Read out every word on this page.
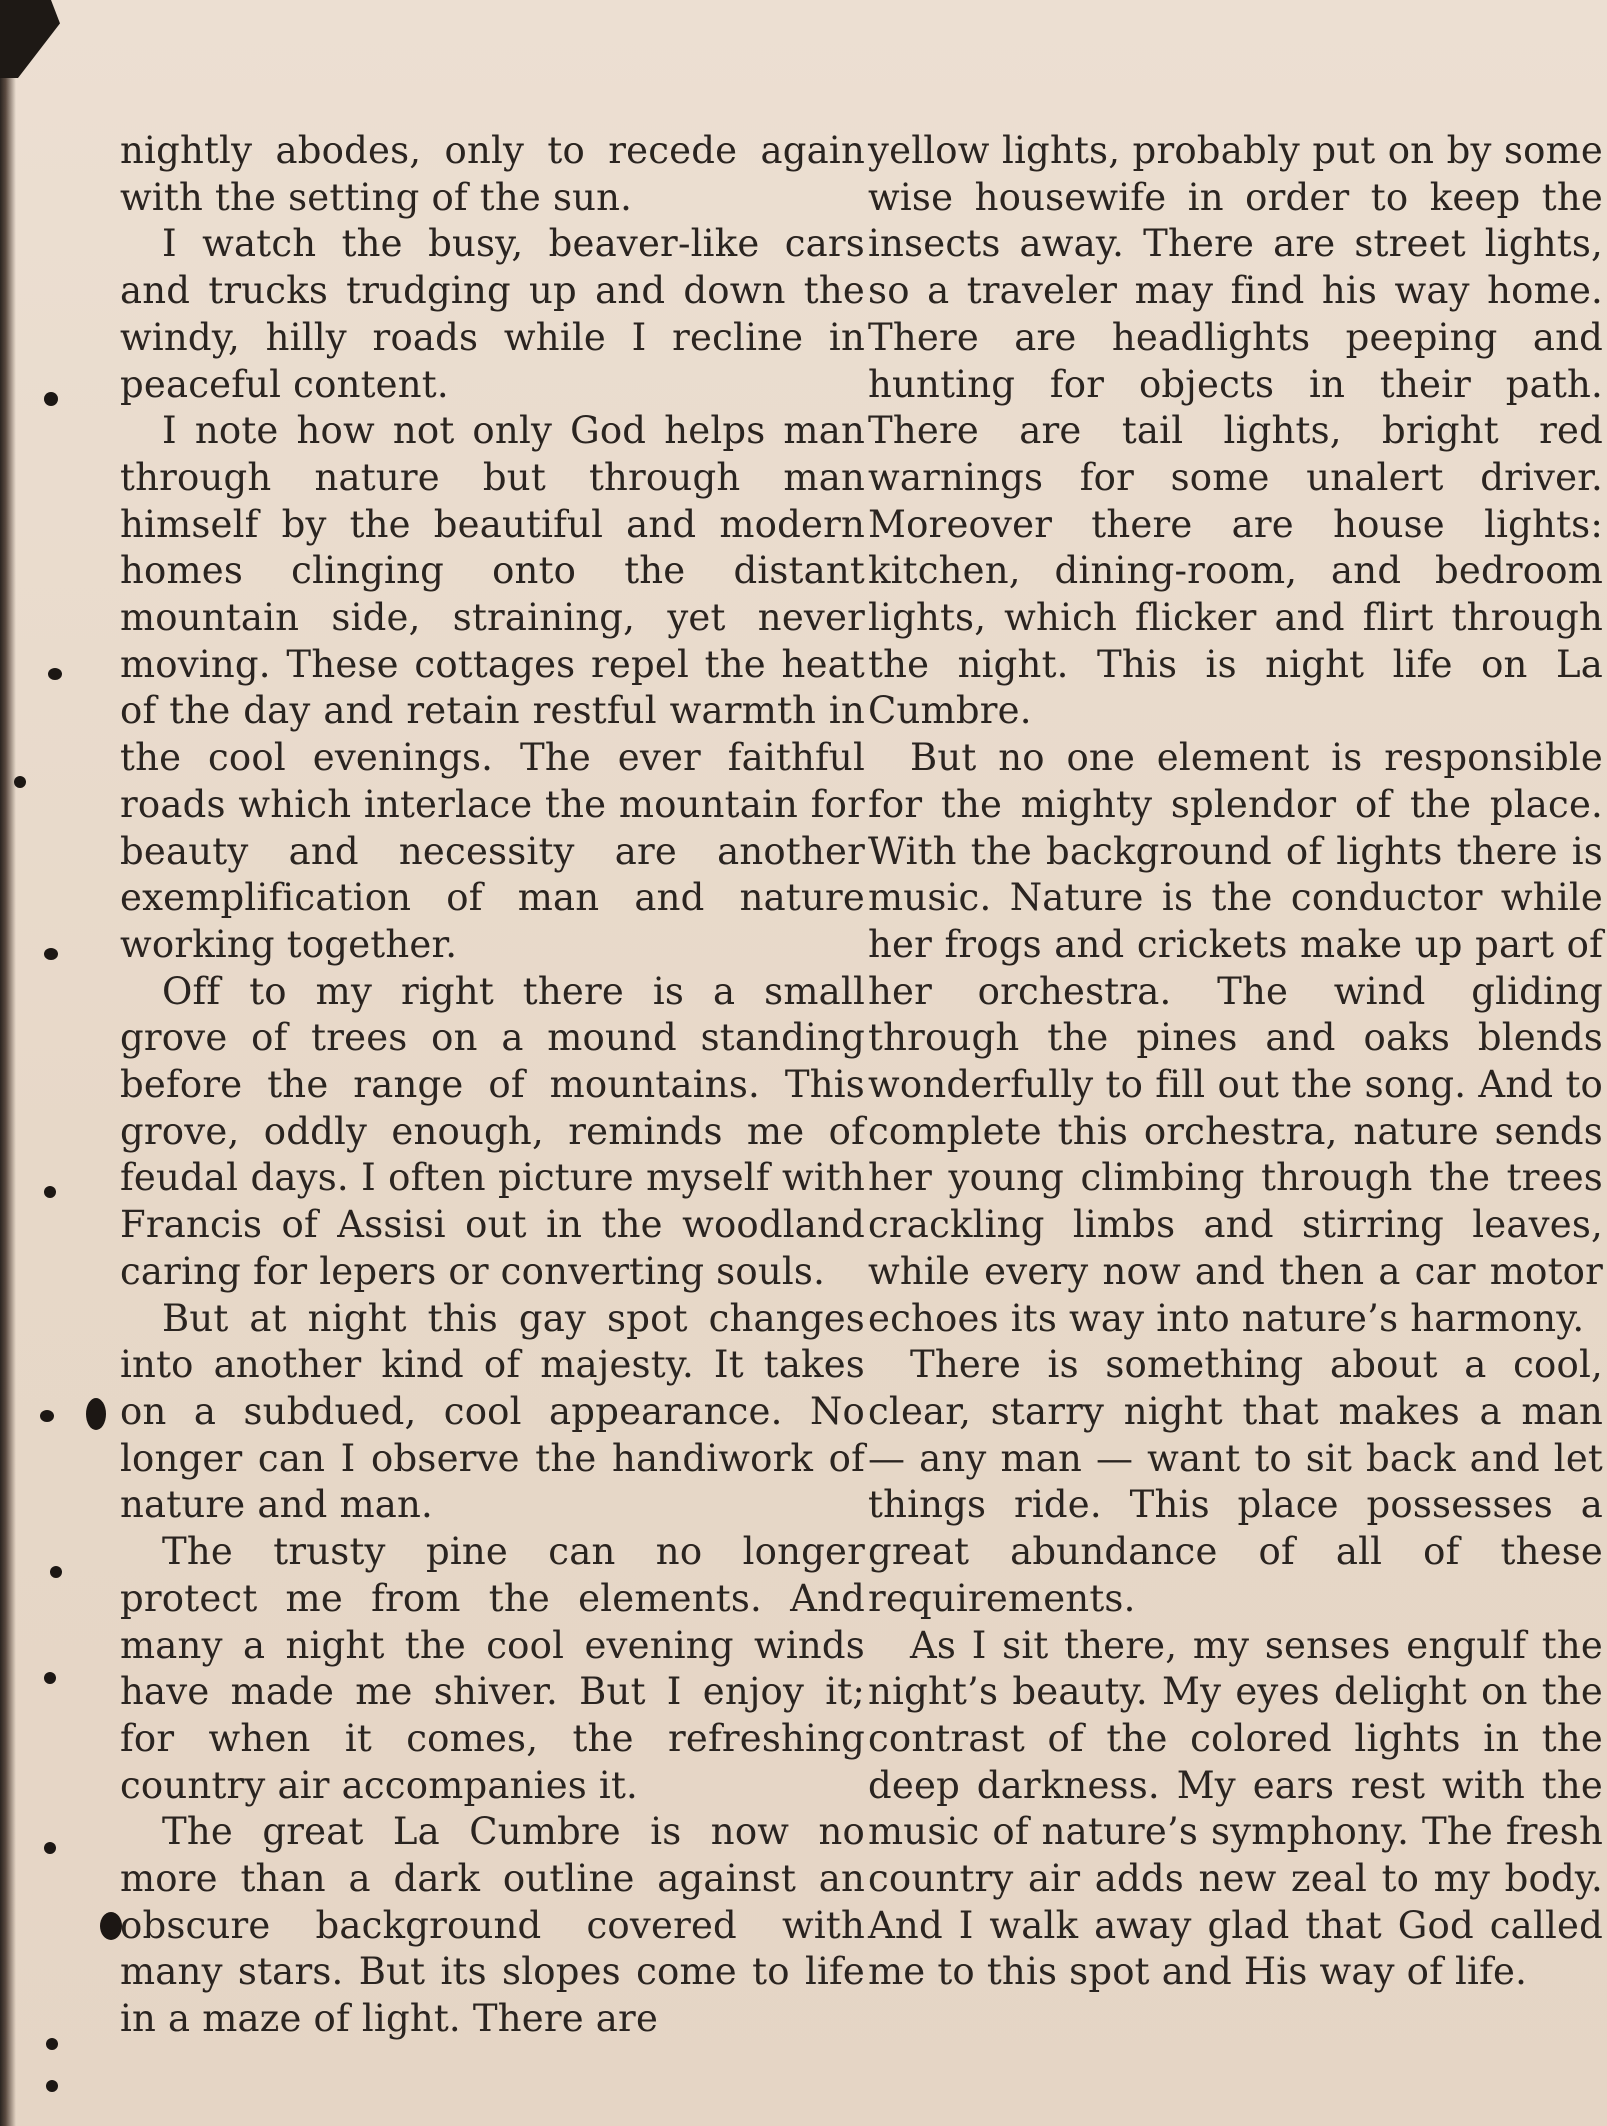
nightly abodes, only to recede again with the setting of the sun.

I watch the busy, beaver-like cars and trucks trudging up and down the windy, hilly roads while I recline in peaceful content.

I note how not only God helps man through nature but through man himself by the beautiful and modern homes clinging onto the distant mountain side, straining, yet never moving. These cottages repel the heat of the day and retain restful warmth in the cool evenings. The ever faithful roads which interlace the mountain for beauty and necessity are another exemplification of man and nature working together.

Off to my right there is a small grove of trees on a mound standing before the range of mountains. This grove, oddly enough, reminds me of feudal days. I often picture myself with Francis of Assisi out in the woodland caring for lepers or converting souls.

But at night this gay spot changes into another kind of majesty. It takes on a subdued, cool appearance. No longer can I observe the handiwork of nature and man.

The trusty pine can no longer protect me from the elements. And many a night the cool evening winds have made me shiver. But I enjoy it; for when it comes, the refreshing country air accompanies it.

The great La Cumbre is now no more than a dark outline against an obscure background covered with many stars. But its slopes come to life in a maze of light. There are

yellow lights, probably put on by some wise housewife in order to keep the insects away. There are street lights, so a traveler may find his way home. There are headlights peeping and hunting for objects in their path. There are tail lights, bright red warnings for some unalert driver. Moreover there are house lights: kitchen, dining-room, and bedroom lights, which flicker and flirt through the night. This is night life on La Cumbre.

But no one element is responsible for the mighty splendor of the place. With the background of lights there is music. Nature is the conductor while her frogs and crickets make up part of her orchestra. The wind gliding through the pines and oaks blends wonderfully to fill out the song. And to complete this orchestra, nature sends her young climbing through the trees crackling limbs and stirring leaves, while every now and then a car motor echoes its way into nature’s harmony.

There is something about a cool, clear, starry night that makes a man — any man — want to sit back and let things ride. This place possesses a great abundance of all of these requirements.

As I sit there, my senses engulf the night’s beauty. My eyes delight on the contrast of the colored lights in the deep darkness. My ears rest with the music of nature’s symphony. The fresh country air adds new zeal to my body. And I walk away glad that God called me to this spot and His way of life.
